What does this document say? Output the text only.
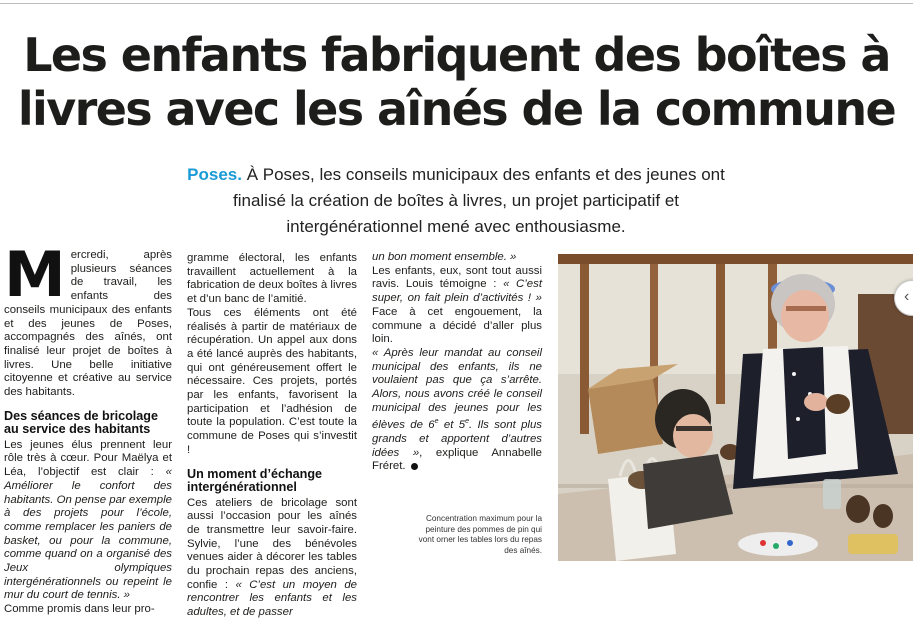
Les enfants fabriquent des boîtes à
livres avec les aînés de la commune

Poses. À Poses, les conseils municipaux des enfants et des jeunes ont finalisé la création de boîtes à livres, un projet participatif et intergénérationnel mené avec enthousiasme.

Mercredi, après plusieurs séances de travail, les enfants des conseils municipaux des enfants et des jeunes de Poses, accompagnés des aînés, ont finalisé leur projet de boîtes à livres. Une belle initiative citoyenne et créative au service des habitants.

Des séances de bricolage au service des habitants

Les jeunes élus prennent leur rôle très à cœur. Pour Maëlya et Léa, l’objectif est clair : « Améliorer le confort des habitants. On pense par exemple à des projets pour l’école, comme remplacer les paniers de basket, ou pour la commune, comme quand on a organisé des Jeux olympiques intergénérationnels ou repeint le mur du court de tennis. »

Comme promis dans leur pro-

gramme électoral, les enfants travaillent actuellement à la fabrication de deux boîtes à livres et d’un banc de l’amitié.

Tous ces éléments ont été réalisés à partir de matériaux de récupération. Un appel aux dons a été lancé auprès des habitants, qui ont généreusement offert le nécessaire. Ces projets, portés par les enfants, favorisent la participation et l’adhésion de toute la population. C’est toute la commune de Poses qui s’investit !

Un moment d’échange intergénérationnel

Ces ateliers de bricolage sont aussi l’occasion pour les aînés de transmettre leur savoir-faire. Sylvie, l’une des bénévoles venues aider à décorer les tables du prochain repas des anciens, confie : « C’est un moyen de rencontrer les enfants et les adultes, et de passer

un bon moment ensemble. »

Les enfants, eux, sont tout aussi ravis. Louis témoigne : « C’est super, on fait plein d’activités ! » Face à cet engouement, la commune a décidé d’aller plus loin.

« Après leur mandat au conseil municipal des enfants, ils ne voulaient pas que ça s’arrête. Alors, nous avons créé le conseil municipal des jeunes pour les élèves de 6e et 5e. Ils sont plus grands et apportent d’autres idées », explique Annabelle Fréret.

Concentration maximum pour la peinture des pommes de pin qui vont orner les tables lors du repas des aînés.

‹
